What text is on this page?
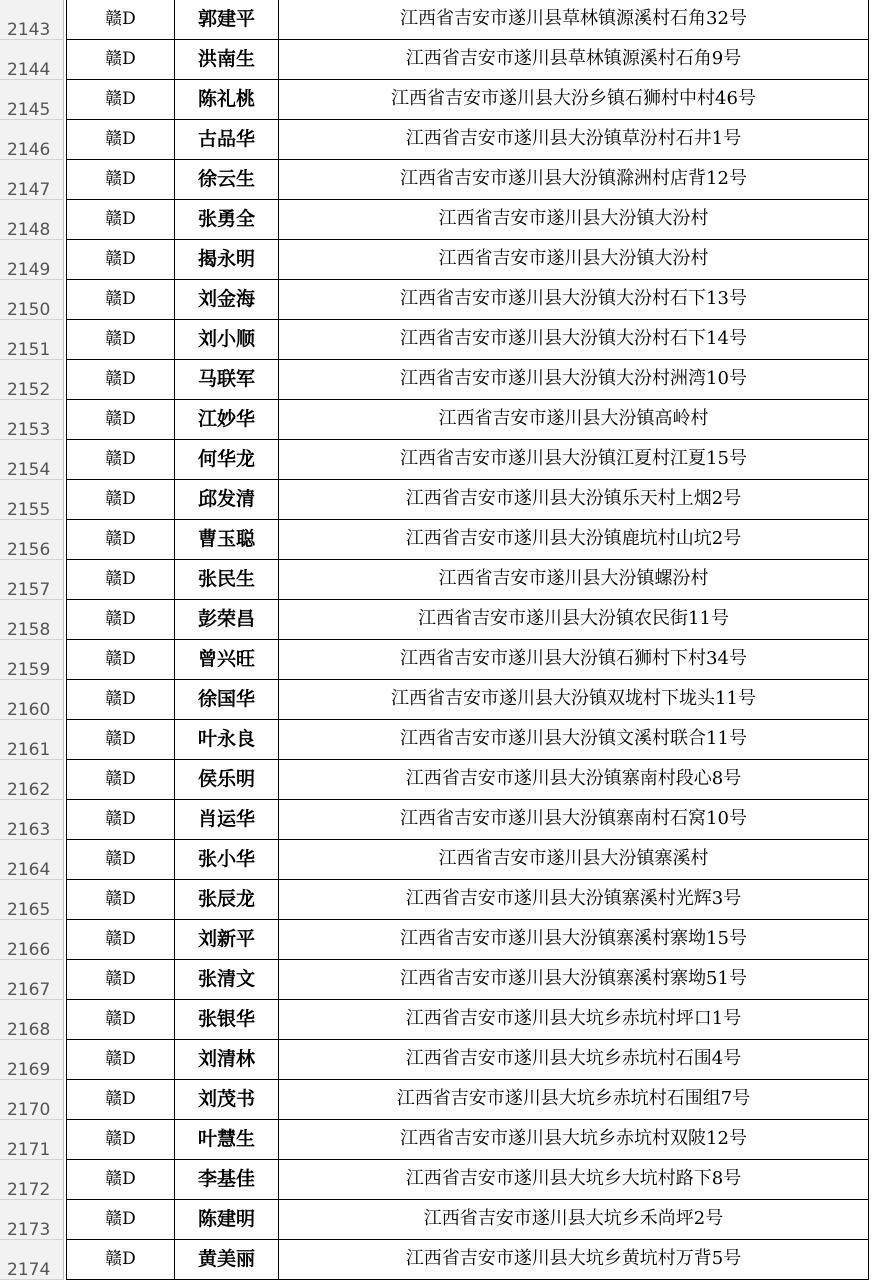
2143
赣D	郭建平	江西省吉安市遂川县草林镇源溪村石角32号
2144
赣D	洪南生	江西省吉安市遂川县草林镇源溪村石角9号
2145
赣D	陈礼桃	江西省吉安市遂川县大汾乡镇石狮村中村46号
2146
赣D	古品华	江西省吉安市遂川县大汾镇草汾村石井1号
2147
赣D	徐云生	江西省吉安市遂川县大汾镇滁洲村店背12号
2148
赣D	张勇全	江西省吉安市遂川县大汾镇大汾村
2149
赣D	揭永明	江西省吉安市遂川县大汾镇大汾村
2150
赣D	刘金海	江西省吉安市遂川县大汾镇大汾村石下13号
2151
赣D	刘小顺	江西省吉安市遂川县大汾镇大汾村石下14号
2152
赣D	马联军	江西省吉安市遂川县大汾镇大汾村洲湾10号
2153
赣D	江妙华	江西省吉安市遂川县大汾镇高岭村
2154
赣D	何华龙	江西省吉安市遂川县大汾镇江夏村江夏15号
2155
赣D	邱发清	江西省吉安市遂川县大汾镇乐天村上烟2号
2156
赣D	曹玉聪	江西省吉安市遂川县大汾镇鹿坑村山坑2号
2157
赣D	张民生	江西省吉安市遂川县大汾镇螺汾村
2158
赣D	彭荣昌	江西省吉安市遂川县大汾镇农民街11号
2159
赣D	曾兴旺	江西省吉安市遂川县大汾镇石狮村下村34号
2160
赣D	徐国华	江西省吉安市遂川县大汾镇双垅村下垅头11号
2161
赣D	叶永良	江西省吉安市遂川县大汾镇文溪村联合11号
2162
赣D	侯乐明	江西省吉安市遂川县大汾镇寨南村段心8号
2163
赣D	肖运华	江西省吉安市遂川县大汾镇寨南村石窝10号
2164
赣D	张小华	江西省吉安市遂川县大汾镇寨溪村
2165
赣D	张辰龙	江西省吉安市遂川县大汾镇寨溪村光辉3号
2166
赣D	刘新平	江西省吉安市遂川县大汾镇寨溪村寨坳15号
2167
赣D	张清文	江西省吉安市遂川县大汾镇寨溪村寨坳51号
2168
赣D	张银华	江西省吉安市遂川县大坑乡赤坑村坪口1号
2169
赣D	刘清林	江西省吉安市遂川县大坑乡赤坑村石围4号
2170
赣D	刘茂书	江西省吉安市遂川县大坑乡赤坑村石围组7号
2171
赣D	叶慧生	江西省吉安市遂川县大坑乡赤坑村双陂12号
2172
赣D	李基佳	江西省吉安市遂川县大坑乡大坑村路下8号
2173
赣D	陈建明	江西省吉安市遂川县大坑乡禾尚坪2号
2174
赣D	黄美丽	江西省吉安市遂川县大坑乡黄坑村万背5号
